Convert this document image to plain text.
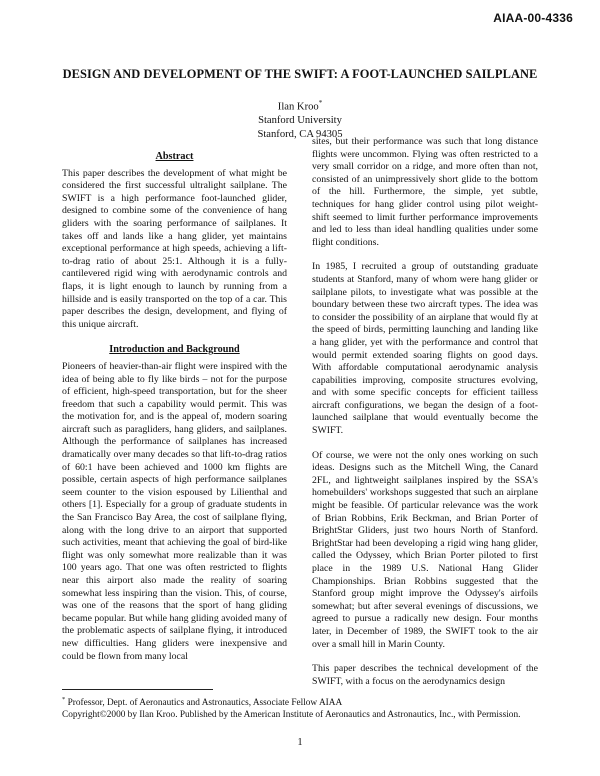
AIAA-00-4336
DESIGN AND DEVELOPMENT OF THE SWIFT: A FOOT-LAUNCHED SAILPLANE
Ilan Kroo*
Stanford University
Stanford, CA 94305
Abstract

This paper describes the development of what might be considered the first successful ultralight sailplane. The SWIFT is a high performance foot-launched glider, designed to combine some of the convenience of hang gliders with the soaring performance of sailplanes. It takes off and lands like a hang glider, yet maintains exceptional performance at high speeds, achieving a lift-to-drag ratio of about 25:1. Although it is a fully-cantilevered rigid wing with aerodynamic controls and flaps, it is light enough to launch by running from a hillside and is easily transported on the top of a car. This paper describes the design, development, and flying of this unique aircraft.

Introduction and Background

Pioneers of heavier-than-air flight were inspired with the idea of being able to fly like birds – not for the purpose of efficient, high-speed transportation, but for the sheer freedom that such a capability would permit. This was the motivation for, and is the appeal of, modern soaring aircraft such as paragliders, hang gliders, and sailplanes. Although the performance of sailplanes has increased dramatically over many decades so that lift-to-drag ratios of 60:1 have been achieved and 1000 km flights are possible, certain aspects of high performance sailplanes seem counter to the vision espoused by Lilienthal and others [1]. Especially for a group of graduate students in the San Francisco Bay Area, the cost of sailplane flying, along with the long drive to an airport that supported such activities, meant that achieving the goal of bird-like flight was only somewhat more realizable than it was 100 years ago. That one was often restricted to flights near this airport also made the reality of soaring somewhat less inspiring than the vision. This, of course, was one of the reasons that the sport of hang gliding became popular. But while hang gliding avoided many of the problematic aspects of sailplane flying, it introduced new difficulties. Hang gliders were inexpensive and could be flown from many local

sites, but their performance was such that long distance flights were uncommon. Flying was often restricted to a very small corridor on a ridge, and more often than not, consisted of an unimpressively short glide to the bottom of the hill. Furthermore, the simple, yet subtle, techniques for hang glider control using pilot weight-shift seemed to limit further performance improvements and led to less than ideal handling qualities under some flight conditions.

In 1985, I recruited a group of outstanding graduate students at Stanford, many of whom were hang glider or sailplane pilots, to investigate what was possible at the boundary between these two aircraft types. The idea was to consider the possibility of an airplane that would fly at the speed of birds, permitting launching and landing like a hang glider, yet with the performance and control that would permit extended soaring flights on good days. With affordable computational aerodynamic analysis capabilities improving, composite structures evolving, and with some specific concepts for efficient tailless aircraft configurations, we began the design of a foot-launched sailplane that would eventually become the SWIFT.

Of course, we were not the only ones working on such ideas. Designs such as the Mitchell Wing, the Canard 2FL, and lightweight sailplanes inspired by the SSA's homebuilders' workshops suggested that such an airplane might be feasible. Of particular relevance was the work of Brian Robbins, Erik Beckman, and Brian Porter of BrightStar Gliders, just two hours North of Stanford. BrightStar had been developing a rigid wing hang glider, called the Odyssey, which Brian Porter piloted to first place in the 1989 U.S. National Hang Glider Championships. Brian Robbins suggested that the Stanford group might improve the Odyssey's airfoils somewhat; but after several evenings of discussions, we agreed to pursue a radically new design. Four months later, in December of 1989, the SWIFT took to the air over a small hill in Marin County.

This paper describes the technical development of the SWIFT, with a focus on the aerodynamics design

* Professor, Dept. of Aeronautics and Astronautics, Associate Fellow AIAA

Copyright©2000 by Ilan Kroo. Published by the American Institute of Aeronautics and Astronautics, Inc., with Permission.

1
